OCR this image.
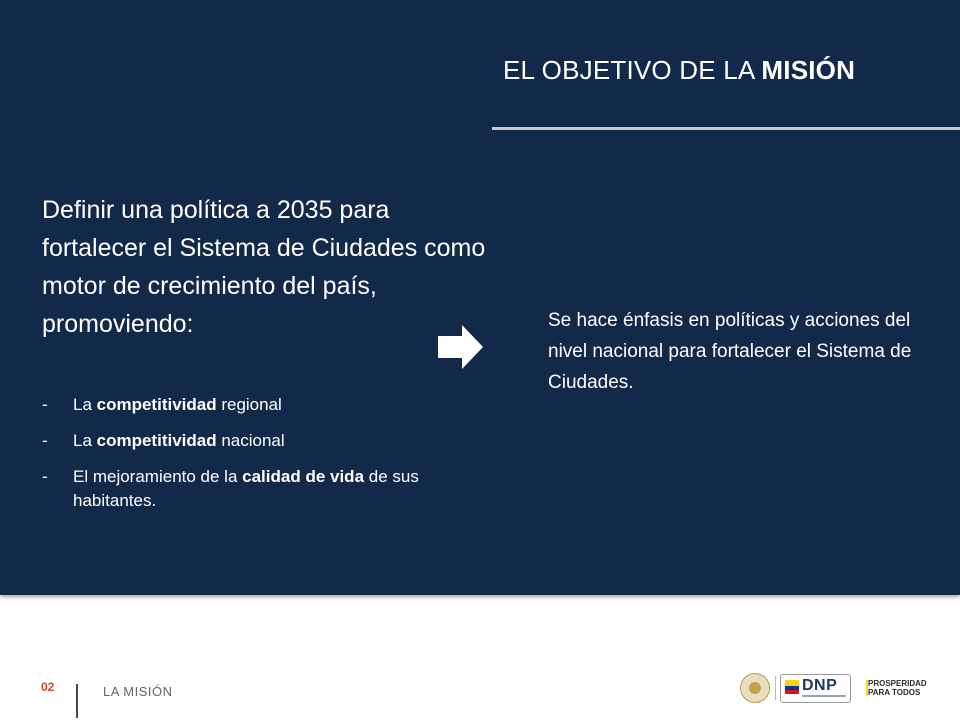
EL OBJETIVO DE LA MISIÓN

Definir una política a 2035 para fortalecer el Sistema de Ciudades como motor de crecimiento del país, promoviendo:

- La competitividad regional
- La competitividad nacional
- El mejoramiento de la calidad de vida de sus habitantes.

Se hace énfasis en políticas y acciones del nivel nacional para fortalecer el Sistema de Ciudades.

02	LA MISIÓN	DNP	PROSPERIDAD PARA TODOS
